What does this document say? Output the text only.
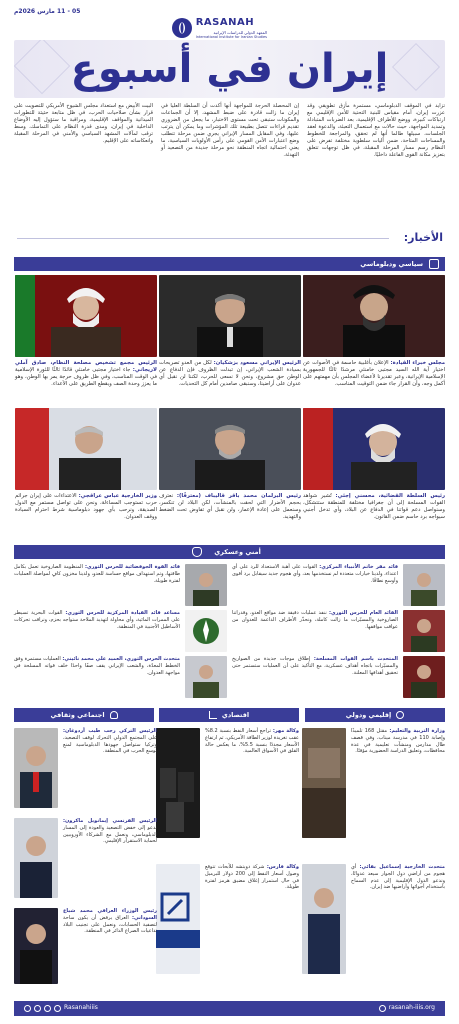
05 - 11 مارس 2026م
RASANAH
المعهد الدولي للدراسات الإيرانية
International Institute for Iranian Studies
إيران في أسبوع
تزايد في الموقف الدبلوماسي، مستمرة مأزق تطويقي وقد عزرت إيران، أمام مقياس للبنية التحتية للأمن الإقليمي مع ارتباكات كبيرة، ووضع للأطراف الإقليمية، بعد الضربات المتبادلة وتمديد المواجهة، حيث حالات مع استعمال التعبئة، والدعوة لعقد الجلسات، سبيلها طالما أنها لم تحقق، والمراجعة للخطوط والمساحات المتاحة، ضمن آليات سلطوية مختلفة تفرض على النظام رسم مسار المرحلة المقبلة، في ظل توجهات تتعلق بتعزيز مكانة القوى الفاعلة داخليًا.
إن المحصلة الحرجة للمواجهة أنها أكدت أن السلطة العليا في إيران ما زالت قادرة على ضبط المشهد، إلا أن الجماعات والمكونات ستبقى تحت مستوى الاختبار، ما يجعل من الضروري تقديم قراءات تتصل بطبيعة تلك المؤشرات وما يمكن أن يترتب عليها، وفي المقابل المسار الإيراني يجري ضمن مرحلة تتطلب وضع اعتبارات الأمن القومي على رأس الأولويات السياسية، ما يعني احتمالية اتجاه المنطقة نحو مرحلة جديدة من التصعيد أو التهدئة.
البيت الأبيض مع استعداد مجلس الشيوخ الأمريكي للتصويت على قرار بشأن صلاحيات الحرب، في ظل متابعة حثيثة للتطورات الميدانية والمواقف الإقليمية، ومراقبة ما ستؤول إليه الأوضاع الداخلية في إيران، ومدى قدرة النظام على التماسك، وسط ترقب لمآلات المشهد السياسي والأمني في المرحلة المقبلة وانعكاساته على الإقليم.
الأخبار:
سياسي ودبلوماسي
مجلس خبراء القيادة: الإعلان بأغلبية حاسمة في الأصوات عن اختيار آية الله السيد مجتبى خامنئي مرشدًا ثالثًا للجمهورية الإسلامية الإيرانية، وعبر تقديرنا لأعضاء المجلس بأن مهمتهم على أكمل وجه، وأن القرار جاء ضمن التوقيت المناسب.
الرئيس الإيراني مسعود بزشكيان: لكل من العدو تصريحات بسيادة الشعب الإيراني، إن تبدلت الظروف فإن الدفاع عن الوطن حق مشروع، ونحن لا نسعى للحرب، لكننا لن نقبل أي عدوان على أراضينا، وسنبقى صامدين أمام كل التحديات.
الرئيس مجمع تشخيص مصلحة النظام، صادق آملي لاريجاني: جاء اختيار مجتبى خامنئي قائدًا ثالثًا للثورة الإسلامية في الوقت المناسب، وفي ظل ظروف حرجة يمر بها الوطن، وهو ما يعزز وحدة الصف ويقطع الطريق على الأعداء.
رئيس السلطة القضائية، محسني إجئي: تُشير شواهد القوات المسلحة إلى أن جغرافيا مختلفة للمنطقة ستتشكل، وسنواصل دعم قواتنا في الدفاع عن البلاد، وأي تدخل أجنبي سيواجه برد حاسم ضمن القانون.
رئيس البرلمان محمد باقر قاليباف (معترفًا): نعترف بحجم الأضرار التي لحقت بالمنشآت، لكن البلاد لن تنكسر، وسنعمل على إعادة الإعمار، ولن نقبل أي تفاوض تحت الضغط والتهديد.
وزير الخارجية عباس عراقجي: الاعتداءات على إيران جرائم حرب تستوجب المساءلة، ونحن على تواصل مستمر مع الدول الصديقة، ونرحب بأي جهود دبلوماسية شرط احترام السيادة ووقف العدوان.
أمني وعسكري
قائد مقر خاتم الأنبياء المركزي: القوات على أهبة الاستعداد للرد على أي اعتداء، ولدينا خيارات متعددة لم نستخدمها بعد، وأي هجوم جديد سيقابل برد أقوى وأوسع نطاقًا.
القائد العام للحرس الثوري: ننفذ عمليات دقيقة ضد مواقع العدو، وقدراتنا الصاروخية والمسيّرات ما زالت كاملة، ونحذّر الأطراف الداعمة للعدوان من عواقب مواقفها.
المتحدث باسم القوات المسلحة: إطلاق موجات جديدة من الصواريخ والمسيّرات باتجاه أهداف عسكرية، مع التأكيد على أن العمليات ستستمر حتى تحقيق أهدافها المعلنة.
قائد القوة الجوفضائية للحرس الثوري: المنظومة الصاروخية تعمل بكامل طاقتها، وتم استهداف مواقع حساسة للعدو، ولدينا مخزون كافٍ لمواصلة العمليات لفترة طويلة.
مساعد قائد القيادة المركزية للحرس الثوري: القوات البحرية تسيطر على الممرات المائية، وأي محاولة لتهديد الملاحة ستواجه بحزم، ونراقب تحركات الأساطيل الأجنبية في المنطقة.
متحدث الحرس الثوري، العميد علي محمد نائيني: العمليات مستمرة وفق الخطط المعدّة، والشعب الإيراني يقف صفًا واحدًا خلف قواته المسلحة في مواجهة العدوان.
إقليمي ودولي
اقتصادي
اجتماعي وثقافي
وزارة التربية والتعليم: مقتل 168 تلميذًا وإصابة 110 في مدرسة ميناب، وفي قصف طال مدارس ومنشآت تعليمية في عدة محافظات، وتعليق الدراسة الحضورية مؤقتًا.
متحدث الخارجية إسماعيل بقائي: أي هجوم من أراضي دول الجوار سيعد عدوانًا، وندعو الدول الإقليمية إلى عدم السماح باستخدام أجوائها وأراضيها ضد إيران.
وكالة مهر: تراجع أسعار النفط بنسبة 8.2% عقب تغريدة لوزير الطاقة الأمريكي، ثم ارتفاع الأسعار مجددًا بنسبة 5.5%، ما يعكس حالة القلق في الأسواق العالمية.
وكالة فارس: شركة دويتشه للأبحاث تتوقع وصول أسعار النفط إلى 200 دولار للبرميل في حال استمرار إغلاق مضيق هرمز لفترة طويلة.
الرئيس التركي رجب طيب أردوغان: على المجتمع الدولي التحرك لوقف التصعيد، وتركيا ستواصل جهودها الدبلوماسية لمنع توسع الحرب في المنطقة.
الرئيس الفرنسي إيمانويل ماكرون: ندعو إلى خفض التصعيد والعودة إلى المسار الدبلوماسي، ونعمل مع الشركاء الأوروبيين لحماية الاستقرار الإقليمي.
رئيس الوزراء العراقي محمد شياع السوداني: العراق يرفض أن يكون ساحة لتصفية الحسابات، ونعمل على تجنيب البلاد تداعيات الصراع الدائر في المنطقة.
Rasanahiiis	rasanah-iiis.org
